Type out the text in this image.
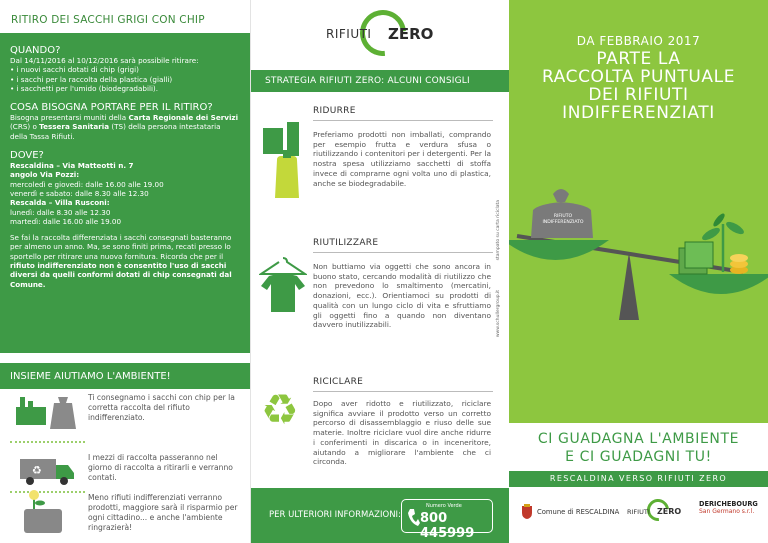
RITIRO DEI SACCHI GRIGI CON CHIP
QUANDO?
Dal 14/11/2016 al 10/12/2016 sarà possibile ritirare:
• i nuovi sacchi dotati di chip (grigi)
• i sacchi per la raccolta della plastica (gialli)
• i sacchetti per l'umido (biodegradabili).
COSA BISOGNA PORTARE PER IL RITIRO?
Bisogna presentarsi muniti della Carta Regionale dei Servizi (CRS) o Tessera Sanitaria (TS) della persona intestataria della Tassa Rifiuti.
DOVE?
Rescaldina – Via Matteotti n. 7
angolo Via Pozzi:
mercoledì e giovedì: dalle 16.00 alle 19.00
venerdì e sabato: dalle 8.30 alle 12.30
Rescalda – Villa Rusconi:
lunedì: dalle 8.30 alle 12.30
martedì: dalle 16.00 alle 19.00
Se fai la raccolta differenziata i sacchi consegnati basteranno per almeno un anno. Ma, se sono finiti prima, recati presso lo sportello per ritirare una nuova fornitura. Ricorda che per il rifiuto indifferenziato non è consentito l'uso di sacchi diversi da quelli conformi dotati di chip consegnati dal Comune.
INSIEME AIUTIAMO L'AMBIENTE!
Ti consegnamo i sacchi con chip per la corretta raccolta del rifiuto indifferenziato.
♻
I mezzi di raccolta passeranno nel giorno di raccolta a ritirarli e verranno contati.
Meno rifiuti indifferenziati verranno prodotti, maggiore sarà il risparmio per ogni cittadino... e anche l'ambiente ringrazierà!
RIFIUTI ZERO
STRATEGIA RIFIUTI ZERO: ALCUNI CONSIGLI
RIDURRE
Preferiamo prodotti non imballati, comprando per esempio frutta e verdura sfusa o riutilizzando i contenitori per i detergenti. Per la nostra spesa utilizziamo sacchetti di stoffa invece di comprarne ogni volta uno di plastica, anche se biodegradabile.
RIUTILIZZARE
Non buttiamo via oggetti che sono ancora in buono stato, cercando modalità di riutilizzo che non prevedono lo smaltimento (mercatini, donazioni, ecc.). Orientiamoci su prodotti di qualità con un lungo ciclo di vita e sfruttiamo gli oggetti fino a quando non diventano davvero inutilizzabili.
♻
RICICLARE
Dopo aver ridotto e riutilizzato, riciclare significa avviare il prodotto verso un corretto percorso di disassemblaggio e riuso delle sue materie. Inoltre riciclare vuol dire anche ridurre i conferimenti in discarica o in inceneritore, aiutando a migliorare l'ambiente che ci circonda.
stampato su carta riciclata
www.schullergroup.it
PER ULTERIORI INFORMAZIONI:
Numero Verde
800 445999
DA FEBBRAIO 2017
PARTE LA
RACCOLTA PUNTUALE
DEI RIFIUTI
INDIFFERENZIATI
RIFIUTO
INDIFFERENZIATO
CI GUADAGNA L'AMBIENTE
E CI GUADAGNI TU!
RESCALDINA VERSO RIFIUTI ZERO
Comune di RESCALDINA RIFIUTI ZERO
DERICHEBOURG
San Germano s.r.l.
